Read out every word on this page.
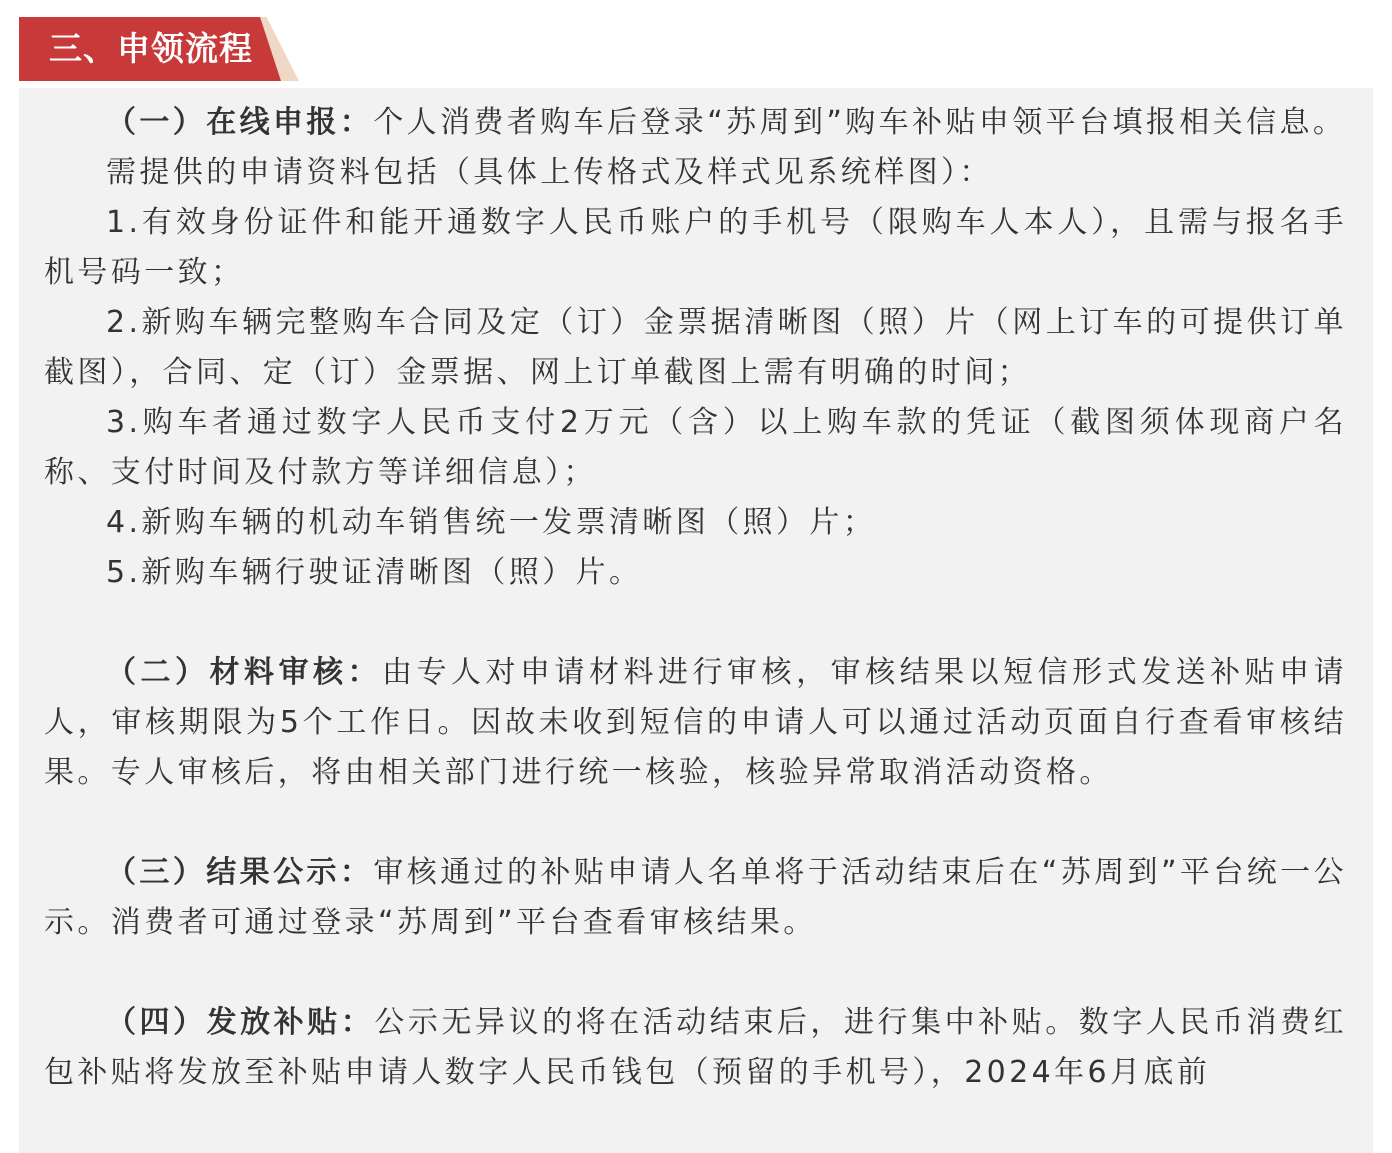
三、申领流程

（一）在线申报：个人消费者购车后登录“苏周到”购车补贴申领平台填报相关信息。

需提供的申请资料包括（具体上传格式及样式见系统样图）：

1.有效身份证件和能开通数字人民币账户的手机号（限购车人本人），且需与报名手机号码一致；

2.新购车辆完整购车合同及定（订）金票据清晰图（照）片（网上订车的可提供订单截图），合同、定（订）金票据、网上订单截图上需有明确的时间；

3.购车者通过数字人民币支付2万元（含）以上购车款的凭证（截图须体现商户名称、支付时间及付款方等详细信息）；

4.新购车辆的机动车销售统一发票清晰图（照）片；

5.新购车辆行驶证清晰图（照）片。

（二）材料审核：由专人对申请材料进行审核，审核结果以短信形式发送补贴申请人，审核期限为5个工作日。因故未收到短信的申请人可以通过活动页面自行查看审核结果。专人审核后，将由相关部门进行统一核验，核验异常取消活动资格。

（三）结果公示：审核通过的补贴申请人名单将于活动结束后在“苏周到”平台统一公示。消费者可通过登录“苏周到”平台查看审核结果。

（四）发放补贴：公示无异议的将在活动结束后，进行集中补贴。数字人民币消费红包补贴将发放至补贴申请人数字人民币钱包（预留的手机号），2024年6月底前
